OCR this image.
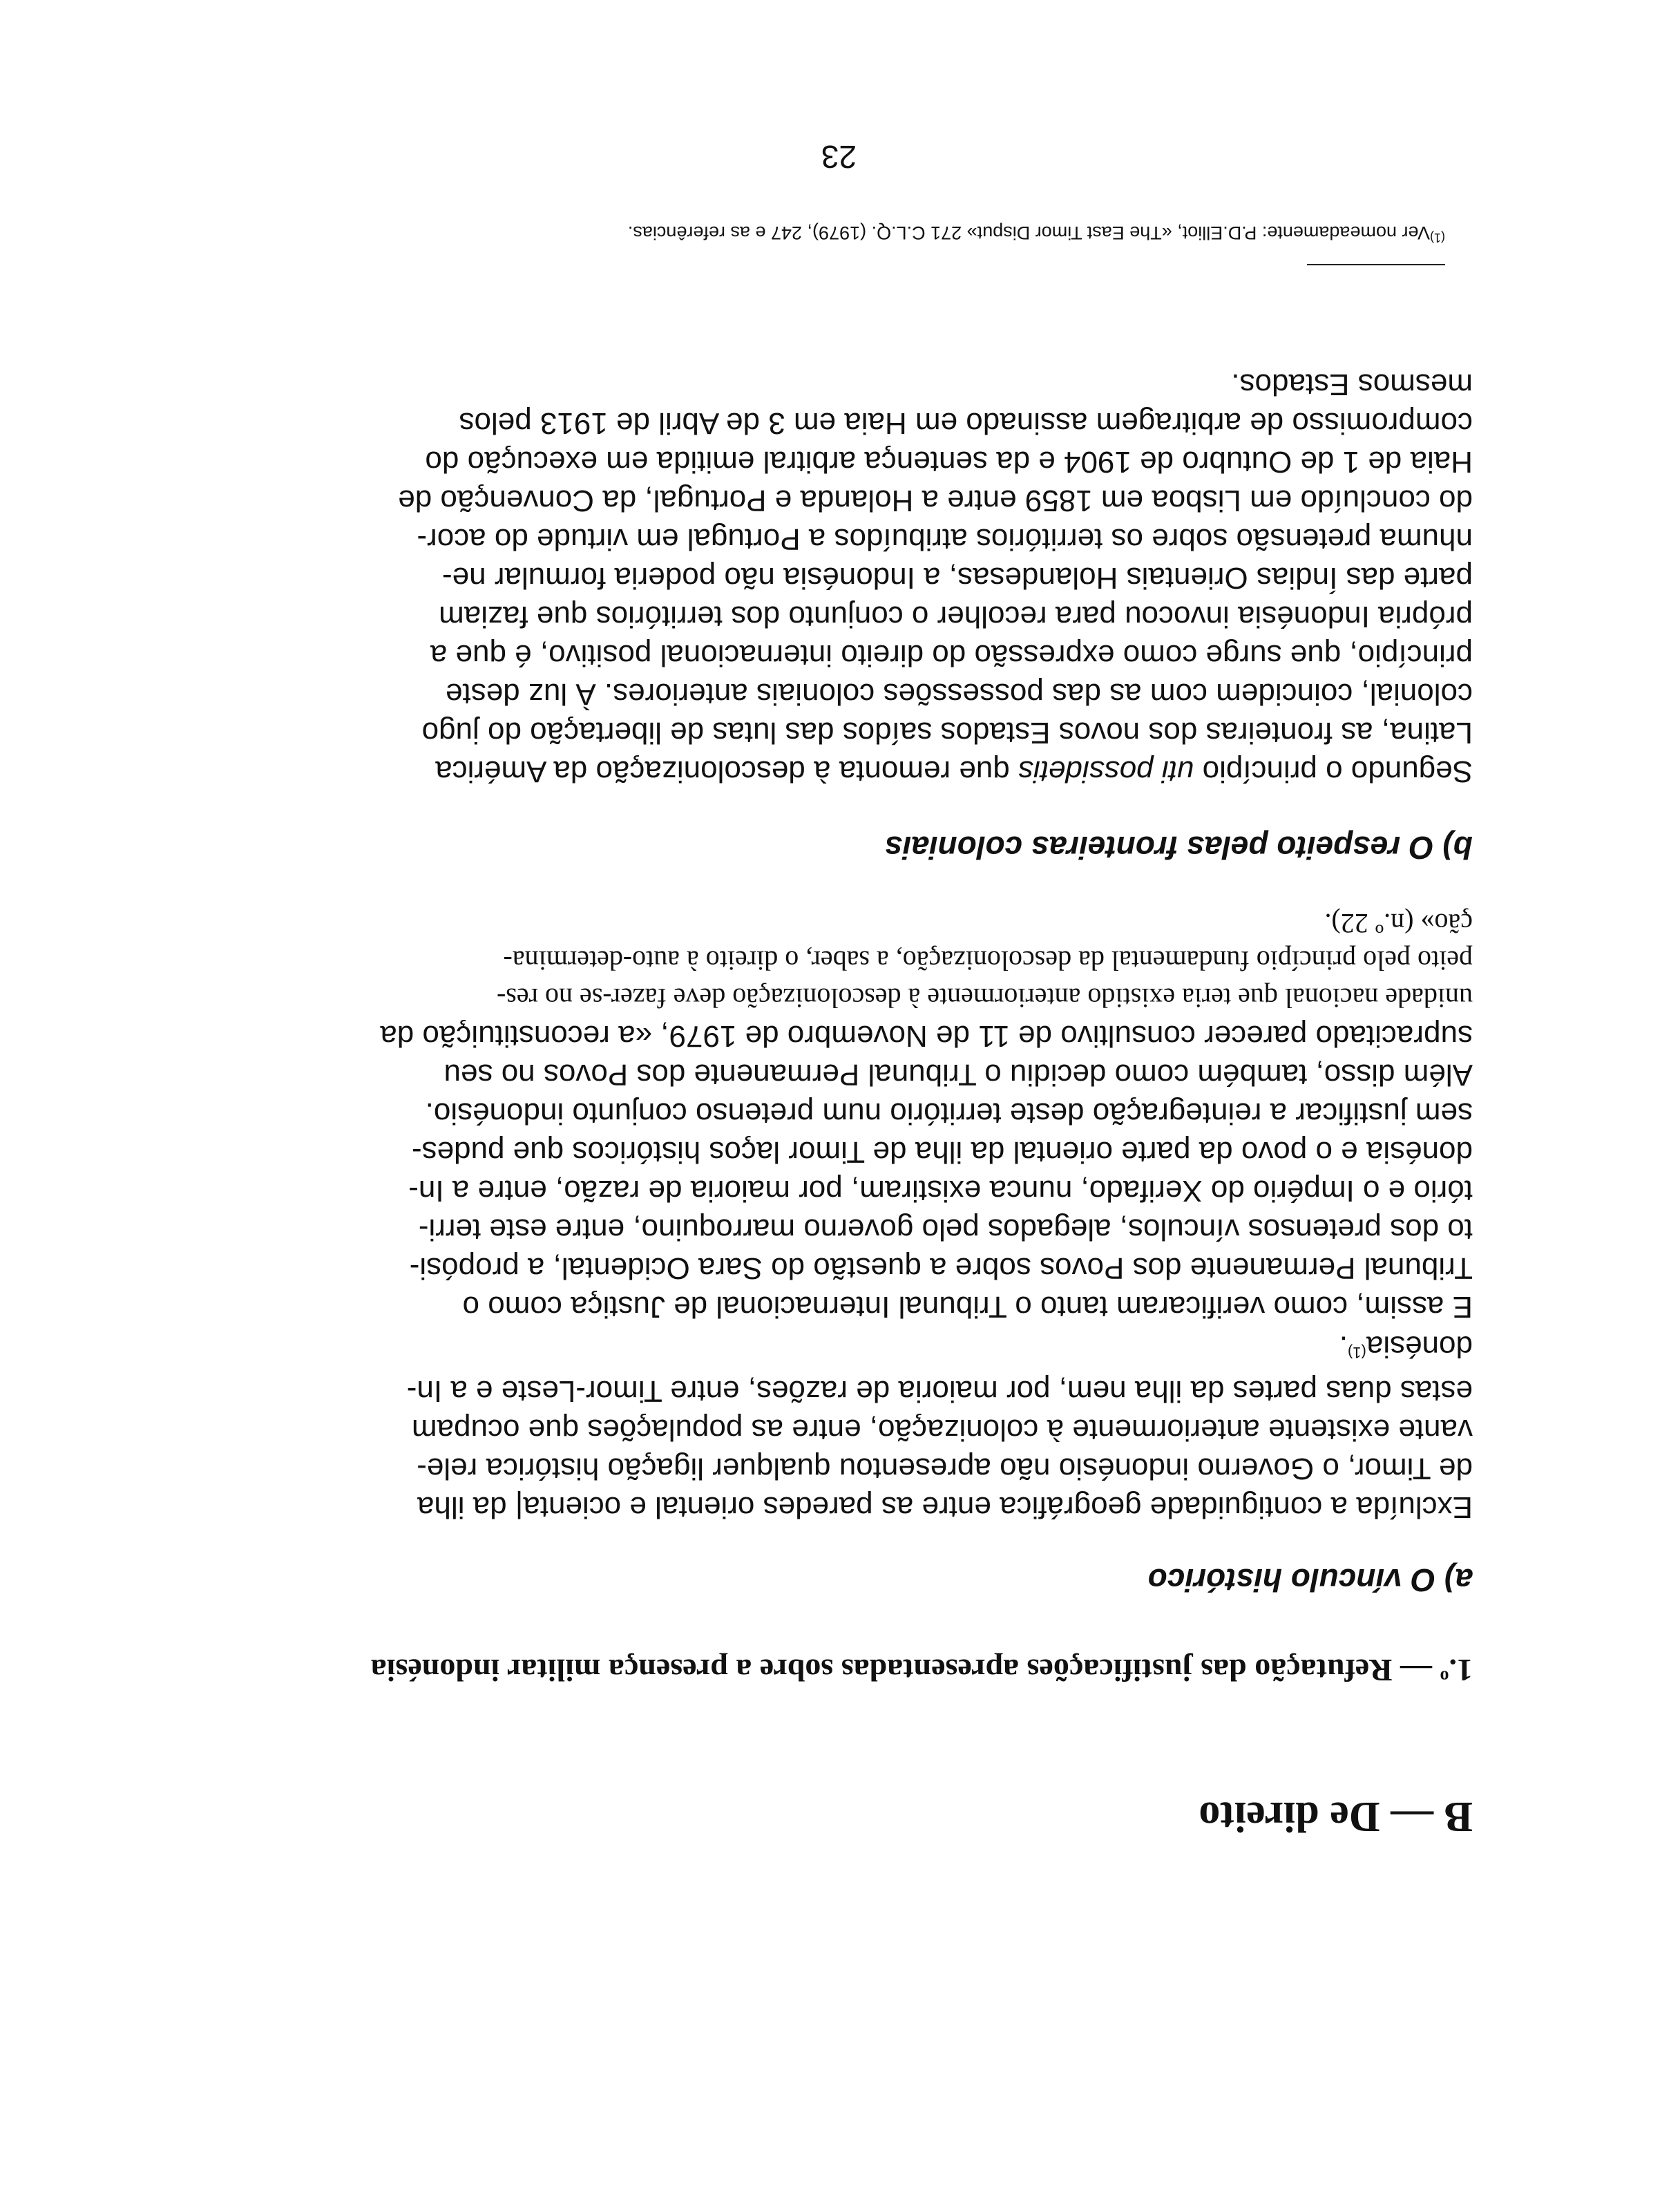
B — De direito
1.$^o$ — Refutação das justificações apresentadas sobre a presença militar indonésia
a) O vínculo histórico
Excluída a contiguidade geográfica entre as paredes oriental e ocienta| da ilha
de Timor, o Governo indonésio não apresentou qualquer ligação histórica rele-
vante existente anteriormente à colonização, entre as populações que ocupam
estas duas partes da ilha nem, por maioria de razões, entre Timor-Leste e a In-
donésia$^{(1)}$.
E assim, como verificaram tanto o Tribunal Internacional de Justiça como o
Tribunal Permanente dos Povos sobre a questão do Sara Ocidental, a propósi-
to dos pretensos vínculos, alegados pelo governo marroquino, entre este terri-
tório e o Império do Xerifado, nunca existiram, por maioria de razão, entre a In-
donésia e o povo da parte oriental da ilha de Timor laços históricos que pudes-
sem justificar a reintegração deste território num pretenso conjunto indonésio.
Além disso, também como decidiu o Tribunal Permanente dos Povos no seu
supracitado parecer consultivo de 11 de Novembro de 1979, «a reconstituição da
unidade nacional que teria existido anteriormente à descolonização deve fazer-se no res-
peito pelo princípio fundamental da descolonização, a saber, o direito à auto-determina-
ção» (n.º 22).
b) O respeito pelas fronteiras coloniais
Segundo o princípio uti possidetis que remonta à descolonização da América
Latina, as fronteiras dos novos Estados saídos das lutas de libertação do jugo
colonial, coincidem com as das possessões coloniais anteriores. À luz deste
princípio, que surge como expressão do direito internacional positivo, é que a
própria Indonésia invocou para recolher o conjunto dos territórios que faziam
parte das Índias Orientais Holandesas, a Indonésia não poderia formular ne-
nhuma pretensão sobre os territórios atribuídos a Portugal em virtude do acor-
do concluído em Lisboa em 1859 entre a Holanda e Portugal, da Convenção de
Haia de 1 de Outubro de 1904 e da sentença arbitral emitida em execução do
compromisso de arbitragem assinado em Haia em 3 de Abril de 1913 pelos
mesmos Estados.

$^{(1)}$Ver nomeadamente: P.D.Elliot, «The East Timor Disput» 271 C.L.Q. (1979), 247 e as referências.

23
